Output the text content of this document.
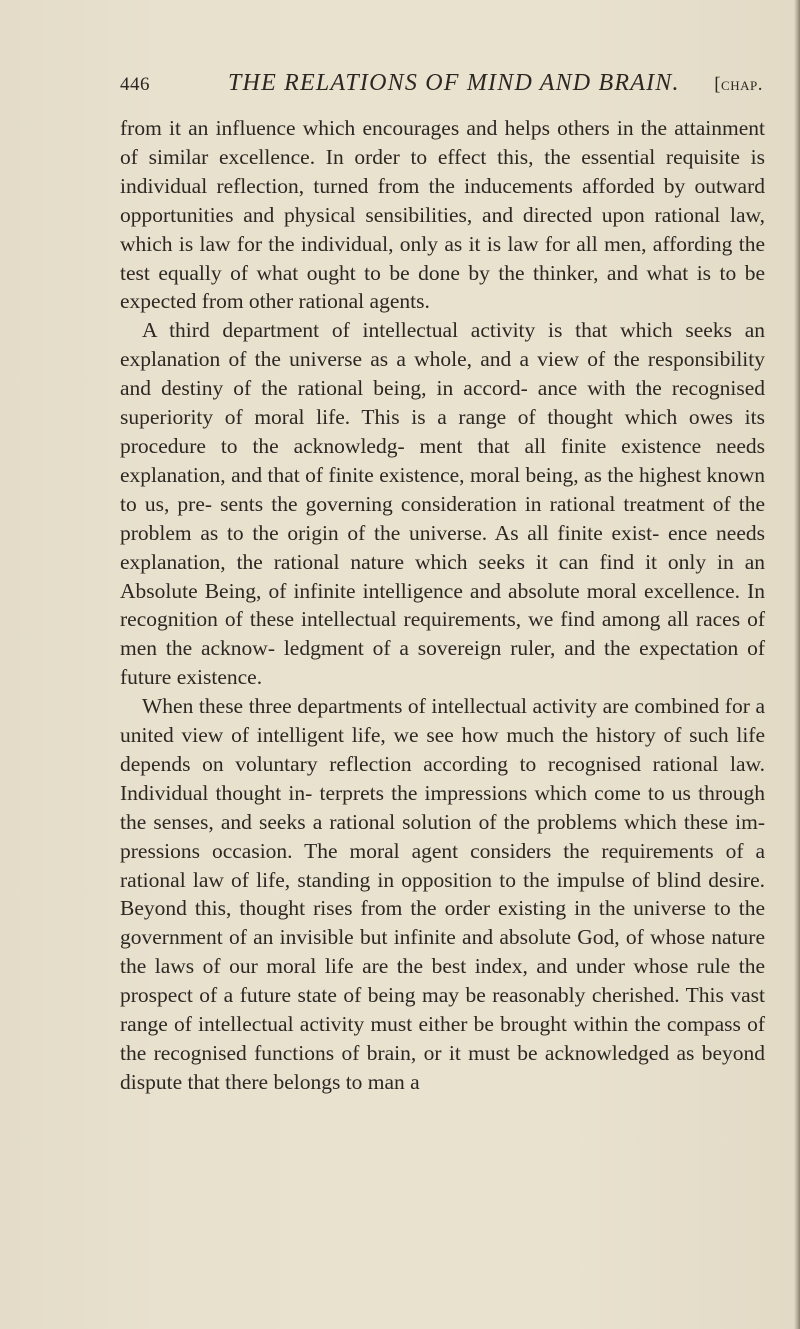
446	THE RELATIONS OF MIND AND BRAIN. [chap.

from it an influence which encourages and helps others in the attainment of similar excellence. In order to effect this, the essential requisite is individual reflection, turned from the inducements afforded by outward opportunities and physical sensibilities, and directed upon rational law, which is law for the individual, only as it is law for all men, affording the test equally of what ought to be done by the thinker, and what is to be expected from other rational agents.

A third department of intellectual activity is that which seeks an explanation of the universe as a whole, and a view of the responsibility and destiny of the rational being, in accord- ance with the recognised superiority of moral life. This is a range of thought which owes its procedure to the acknowledg- ment that all finite existence needs explanation, and that of finite existence, moral being, as the highest known to us, pre- sents the governing consideration in rational treatment of the problem as to the origin of the universe. As all finite exist- ence needs explanation, the rational nature which seeks it can find it only in an Absolute Being, of infinite intelligence and absolute moral excellence. In recognition of these intellectual requirements, we find among all races of men the acknow- ledgment of a sovereign ruler, and the expectation of future existence.

When these three departments of intellectual activity are combined for a united view of intelligent life, we see how much the history of such life depends on voluntary reflection according to recognised rational law. Individual thought in- terprets the impressions which come to us through the senses, and seeks a rational solution of the problems which these im- pressions occasion. The moral agent considers the requirements of a rational law of life, standing in opposition to the impulse of blind desire. Beyond this, thought rises from the order existing in the universe to the government of an invisible but infinite and absolute God, of whose nature the laws of our moral life are the best index, and under whose rule the prospect of a future state of being may be reasonably cherished. This vast range of intellectual activity must either be brought within the compass of the recognised functions of brain, or it must be acknowledged as beyond dispute that there belongs to man a
